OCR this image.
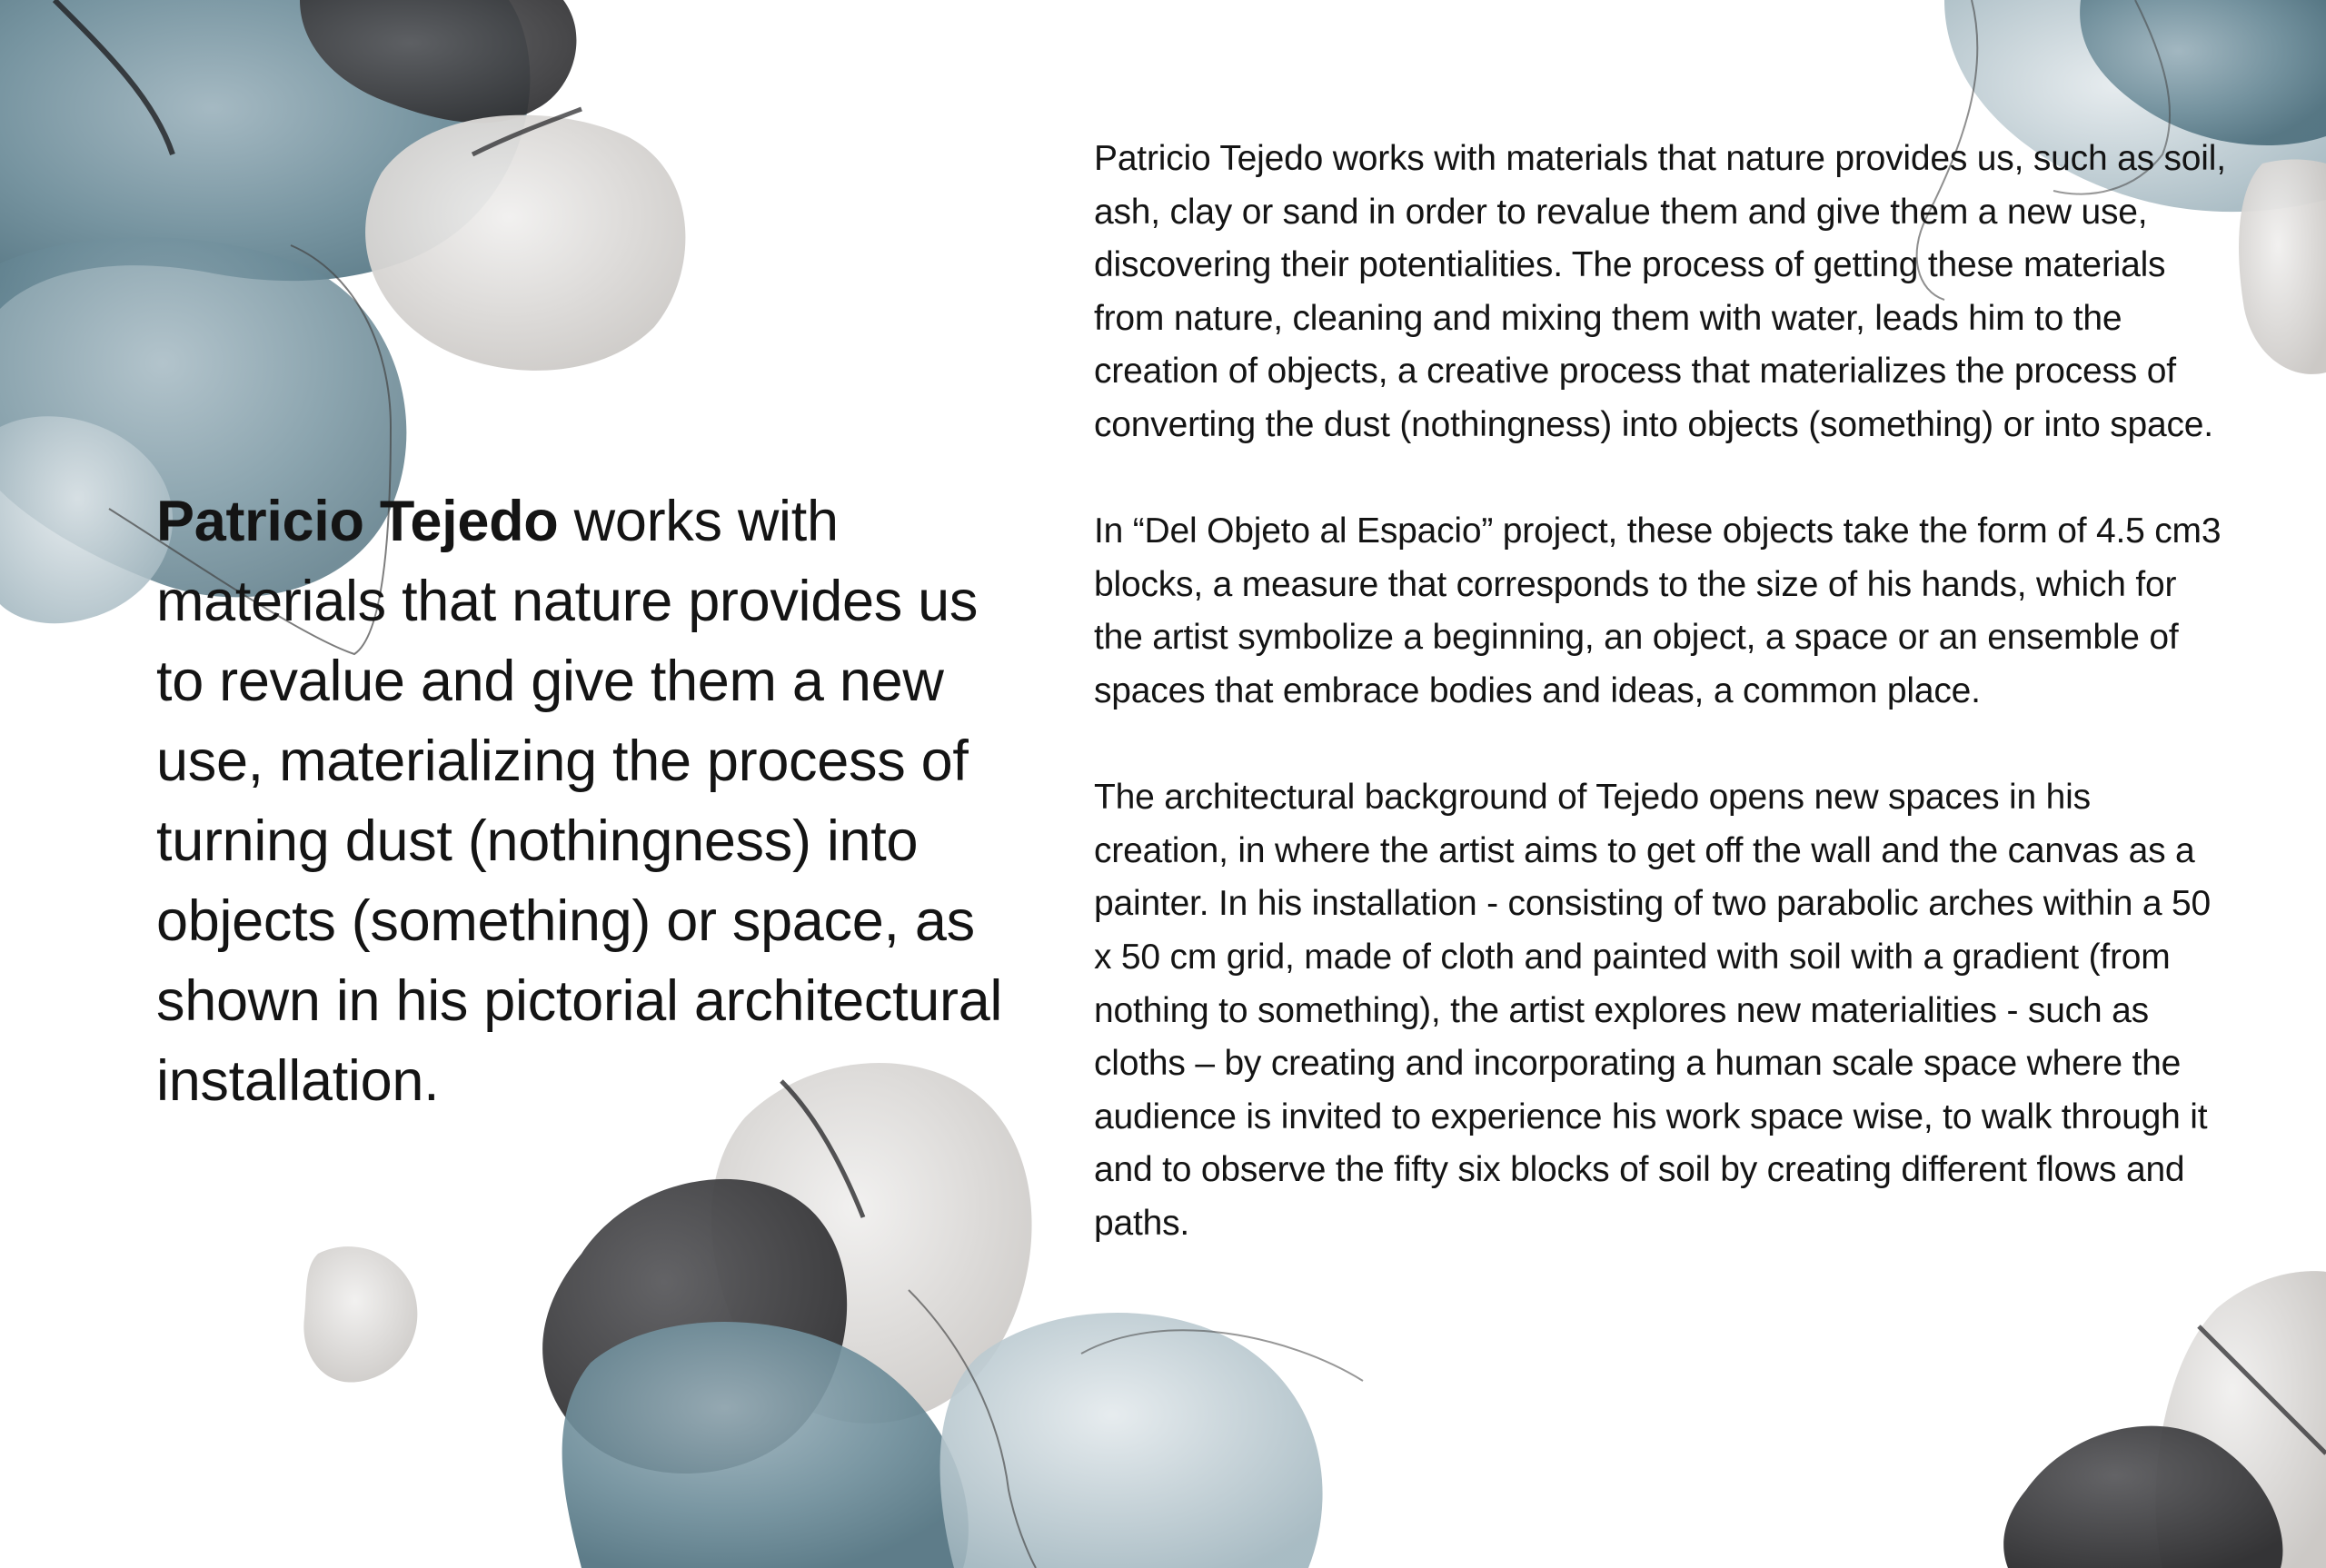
Patricio Tejedo works with materials that nature provides us to revalue and give them a new use, materializing the process of turning dust (nothingness) into objects (something) or space, as shown in his pictorial architectural installation.

Patricio Tejedo works with materials that nature provides us, such as soil, ash, clay or sand in order to revalue them and give them a new use, discovering their potentialities. The process of getting these materials from nature, cleaning and mixing them with water, leads him to the creation of objects, a creative process that materializes the process of converting the dust (nothingness) into objects (something) or into space.

In “Del Objeto al Espacio” project, these objects take the form of 4.5 cm3 blocks, a measure that corresponds to the size of his hands, which for the artist symbolize a beginning, an object, a space or an ensemble of spaces that embrace bodies and ideas, a common place.

The architectural background of Tejedo opens new spaces in his creation, in where the artist aims to get off the wall and the canvas as a painter. In his installation - consisting of two parabolic arches within a 50 x 50 cm grid, made of cloth and painted with soil with a gradient (from nothing to something), the artist explores new materialities - such as cloths – by creating and incorporating a human scale space where the audience is invited to experience his work space wise, to walk through it and to observe the fifty six blocks of soil by creating different flows and paths.
